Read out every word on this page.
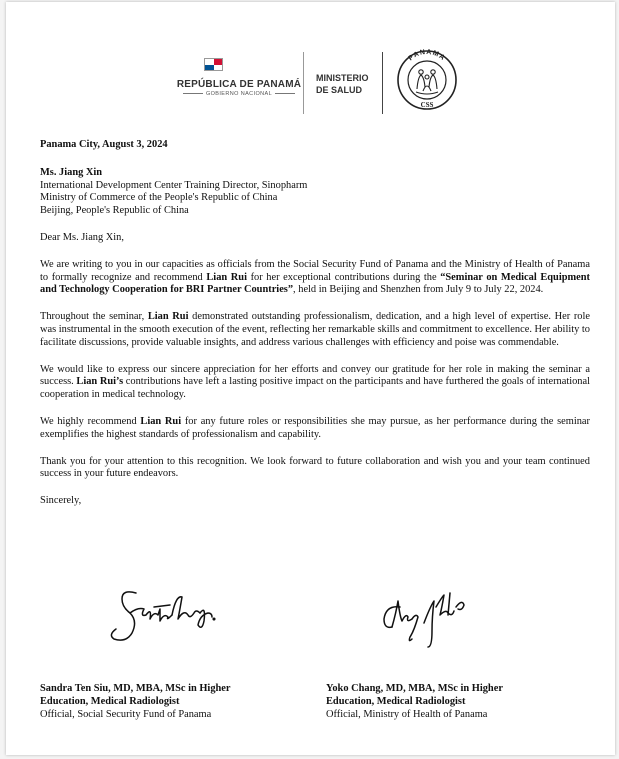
REPÚBLICA DE PANAMÁ
GOBIERNO NACIONAL
MINISTERIO
DE SALUD
PANAMA
CSS

Panama City, August 3, 2024

Ms. Jiang Xin
International Development Center Training Director, Sinopharm
Ministry of Commerce of the People's Republic of China
Beijing, People's Republic of China

Dear Ms. Jiang Xin,

We are writing to you in our capacities as officials from the Social Security Fund of Panama and the Ministry of Health of Panama to formally recognize and recommend Lian Rui for her exceptional contributions during the “Seminar on Medical Equipment and Technology Cooperation for BRI Partner Countries”, held in Beijing and Shenzhen from July 9 to July 22, 2024.

Throughout the seminar, Lian Rui demonstrated outstanding professionalism, dedication, and a high level of expertise. Her role was instrumental in the smooth execution of the event, reflecting her remarkable skills and commitment to excellence. Her ability to facilitate discussions, provide valuable insights, and address various challenges with efficiency and poise was commendable.

We would like to express our sincere appreciation for her efforts and convey our gratitude for her role in making the seminar a success. Lian Rui’s contributions have left a lasting positive impact on the participants and have furthered the goals of international cooperation in medical technology.

We highly recommend Lian Rui for any future roles or responsibilities she may pursue, as her performance during the seminar exemplifies the highest standards of professionalism and capability.

Thank you for your attention to this recognition. We look forward to future collaboration and wish you and your team continued success in your future endeavors.

Sincerely,

Sandra Ten Siu, MD, MBA, MSc in Higher
Education, Medical Radiologist
Official, Social Security Fund of Panama
Yoko Chang, MD, MBA, MSc in Higher
Education, Medical Radiologist
Official, Ministry of Health of Panama
